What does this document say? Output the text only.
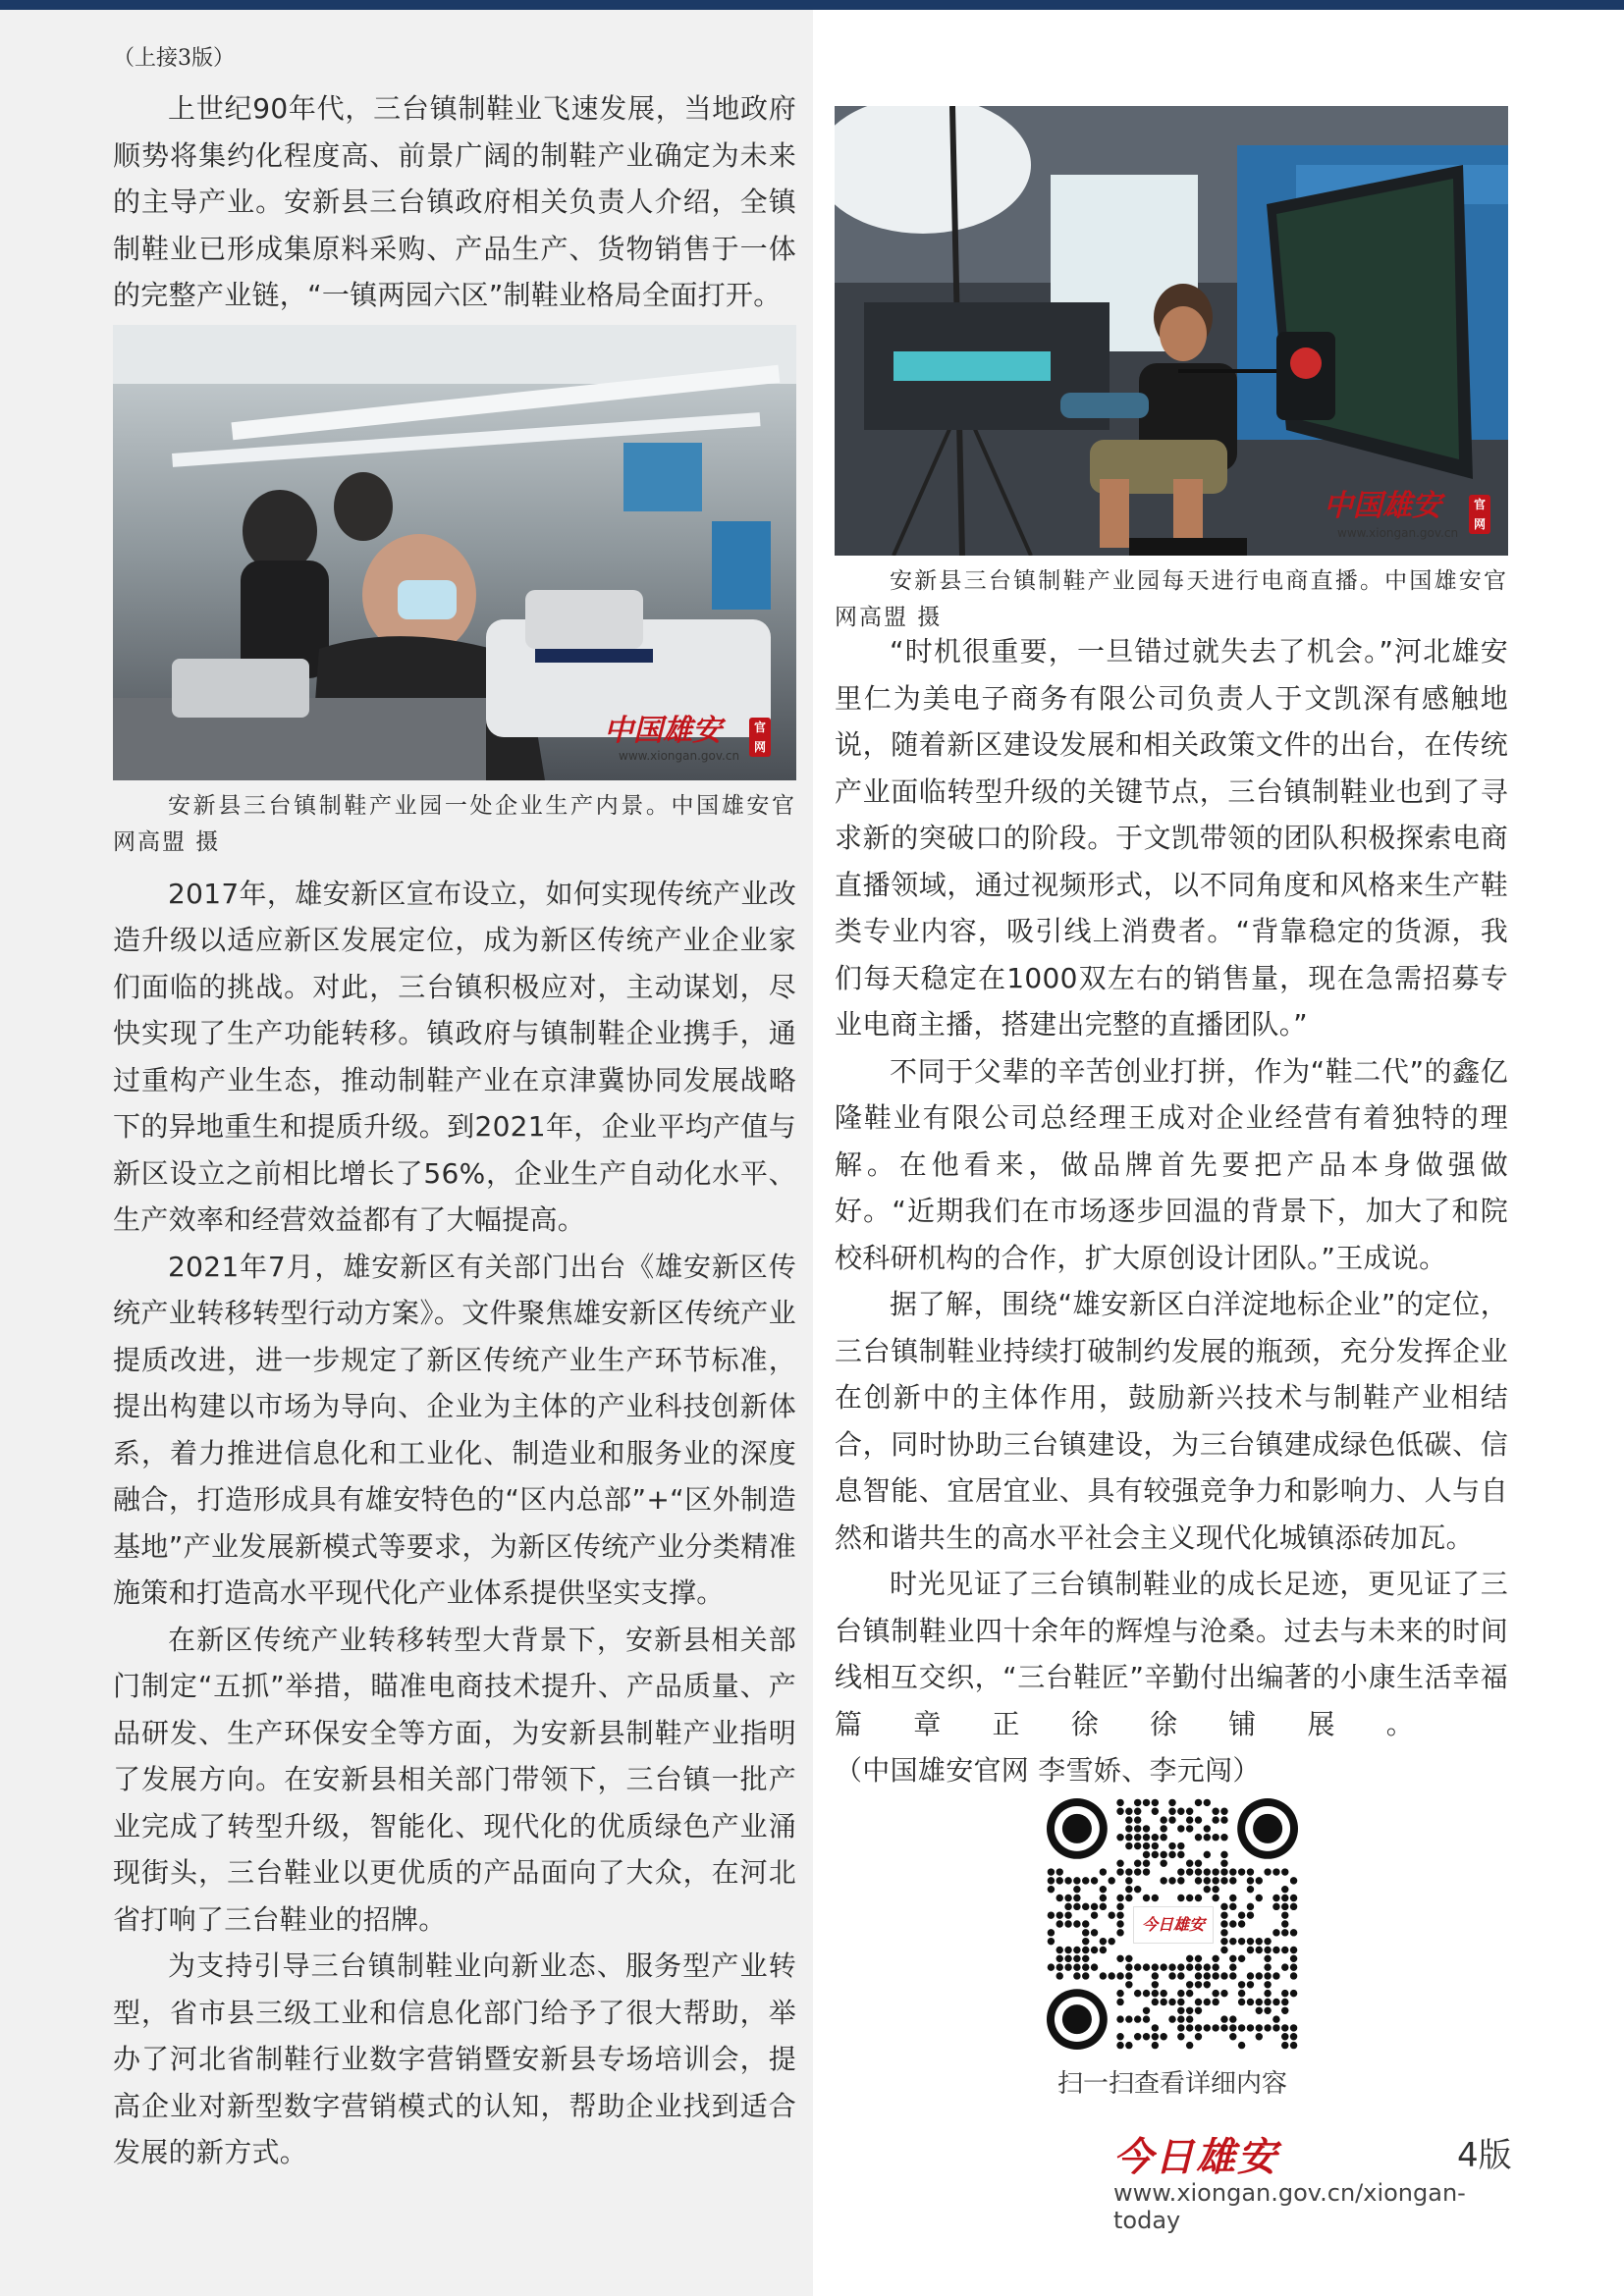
（上接3版）

上世纪90年代，三台镇制鞋业飞速发展，当地政府顺势将集约化程度高、前景广阔的制鞋产业确定为未来的主导产业。安新县三台镇政府相关负责人介绍，全镇制鞋业已形成集原料采购、产品生产、货物销售于一体的完整产业链，“一镇两园六区”制鞋业格局全面打开。

中国雄安
www.xiongan.gov.cn
官网
安新县三台镇制鞋产业园一处企业生产内景。中国雄安官网高盟 摄

2017年，雄安新区宣布设立，如何实现传统产业改造升级以适应新区发展定位，成为新区传统产业企业家们面临的挑战。对此，三台镇积极应对，主动谋划，尽快实现了生产功能转移。镇政府与镇制鞋企业携手，通过重构产业生态，推动制鞋产业在京津冀协同发展战略下的异地重生和提质升级。到2021年，企业平均产值与新区设立之前相比增长了56%，企业生产自动化水平、生产效率和经营效益都有了大幅提高。

2021年7月，雄安新区有关部门出台《雄安新区传统产业转移转型行动方案》。文件聚焦雄安新区传统产业提质改进，进一步规定了新区传统产业生产环节标准，提出构建以市场为导向、企业为主体的产业科技创新体系，着力推进信息化和工业化、制造业和服务业的深度融合，打造形成具有雄安特色的“区内总部”+“区外制造基地”产业发展新模式等要求，为新区传统产业分类精准施策和打造高水平现代化产业体系提供坚实支撑。

在新区传统产业转移转型大背景下，安新县相关部门制定“五抓”举措，瞄准电商技术提升、产品质量、产品研发、生产环保安全等方面，为安新县制鞋产业指明了发展方向。在安新县相关部门带领下，三台镇一批产业完成了转型升级，智能化、现代化的优质绿色产业涌现街头，三台鞋业以更优质的产品面向了大众，在河北省打响了三台鞋业的招牌。

为支持引导三台镇制鞋业向新业态、服务型产业转型，省市县三级工业和信息化部门给予了很大帮助，举办了河北省制鞋行业数字营销暨安新县专场培训会，提高企业对新型数字营销模式的认知，帮助企业找到适合发展的新方式。

中国雄安
www.xiongan.gov.cn
官网
安新县三台镇制鞋产业园每天进行电商直播。中国雄安官网高盟 摄

“时机很重要，一旦错过就失去了机会。”河北雄安里仁为美电子商务有限公司负责人于文凯深有感触地说，随着新区建设发展和相关政策文件的出台，在传统产业面临转型升级的关键节点，三台镇制鞋业也到了寻求新的突破口的阶段。于文凯带领的团队积极探索电商直播领域，通过视频形式，以不同角度和风格来生产鞋类专业内容，吸引线上消费者。“背靠稳定的货源，我们每天稳定在1000双左右的销售量，现在急需招募专业电商主播，搭建出完整的直播团队。”

不同于父辈的辛苦创业打拼，作为“鞋二代”的鑫亿隆鞋业有限公司总经理王成对企业经营有着独特的理解。在他看来，做品牌首先要把产品本身做强做好。“近期我们在市场逐步回温的背景下，加大了和院校科研机构的合作，扩大原创设计团队。”王成说。

据了解，围绕“雄安新区白洋淀地标企业”的定位，三台镇制鞋业持续打破制约发展的瓶颈，充分发挥企业在创新中的主体作用，鼓励新兴技术与制鞋产业相结合，同时协助三台镇建设，为三台镇建成绿色低碳、信息智能、宜居宜业、具有较强竞争力和影响力、人与自然和谐共生的高水平社会主义现代化城镇添砖加瓦。

时光见证了三台镇制鞋业的成长足迹，更见证了三台镇制鞋业四十余年的辉煌与沧桑。过去与未来的时间线相互交织，“三台鞋匠”辛勤付出编著的小康生活幸福篇章正徐徐铺展。（中国雄安官网 李雪娇、李元闯）

今日雄安
扫一扫查看详细内容
今日雄安	4版
www.xiongan.gov.cn/xiongan-today
